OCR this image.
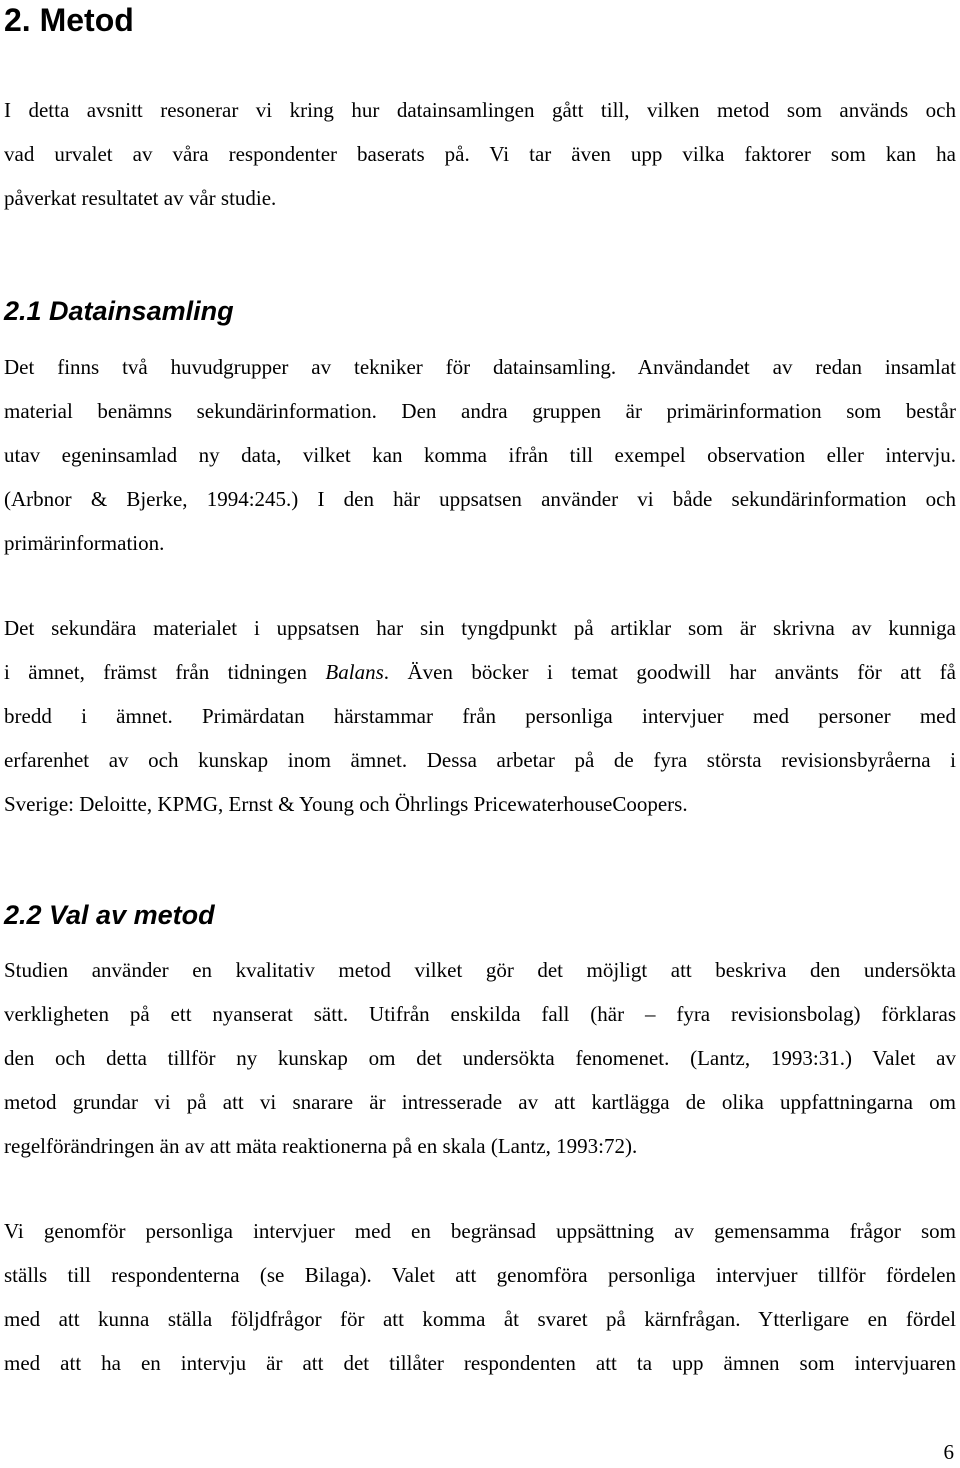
2. Metod
I detta avsnitt resonerar vi kring hur datainsamlingen gått till, vilken metod som används och
vad urvalet av våra respondenter baserats på. Vi tar även upp vilka faktorer som kan ha
påverkat resultatet av vår studie.
2.1 Datainsamling
Det finns två huvudgrupper av tekniker för datainsamling. Användandet av redan insamlat
material benämns sekundärinformation. Den andra gruppen är primärinformation som består
utav egeninsamlad ny data, vilket kan komma ifrån till exempel observation eller intervju.
(Arbnor & Bjerke, 1994:245.) I den här uppsatsen använder vi både sekundärinformation och
primärinformation.
Det sekundära materialet i uppsatsen har sin tyngdpunkt på artiklar som är skrivna av kunniga
i ämnet, främst från tidningen Balans. Även böcker i temat goodwill har använts för att få
bredd i ämnet. Primärdatan härstammar från personliga intervjuer med personer med
erfarenhet av och kunskap inom ämnet. Dessa arbetar på de fyra största revisionsbyråerna i
Sverige: Deloitte, KPMG, Ernst & Young och Öhrlings PricewaterhouseCoopers.
2.2 Val av metod
Studien använder en kvalitativ metod vilket gör det möjligt att beskriva den undersökta
verkligheten på ett nyanserat sätt. Utifrån enskilda fall (här – fyra revisionsbolag) förklaras
den och detta tillför ny kunskap om det undersökta fenomenet. (Lantz, 1993:31.) Valet av
metod grundar vi på att vi snarare är intresserade av att kartlägga de olika uppfattningarna om
regelförändringen än av att mäta reaktionerna på en skala (Lantz, 1993:72).
Vi genomför personliga intervjuer med en begränsad uppsättning av gemensamma frågor som
ställs till respondenterna (se Bilaga). Valet att genomföra personliga intervjuer tillför fördelen
med att kunna ställa följdfrågor för att komma åt svaret på kärnfrågan. Ytterligare en fördel
med att ha en intervju är att det tillåter respondenten att ta upp ämnen som intervjuaren
6
